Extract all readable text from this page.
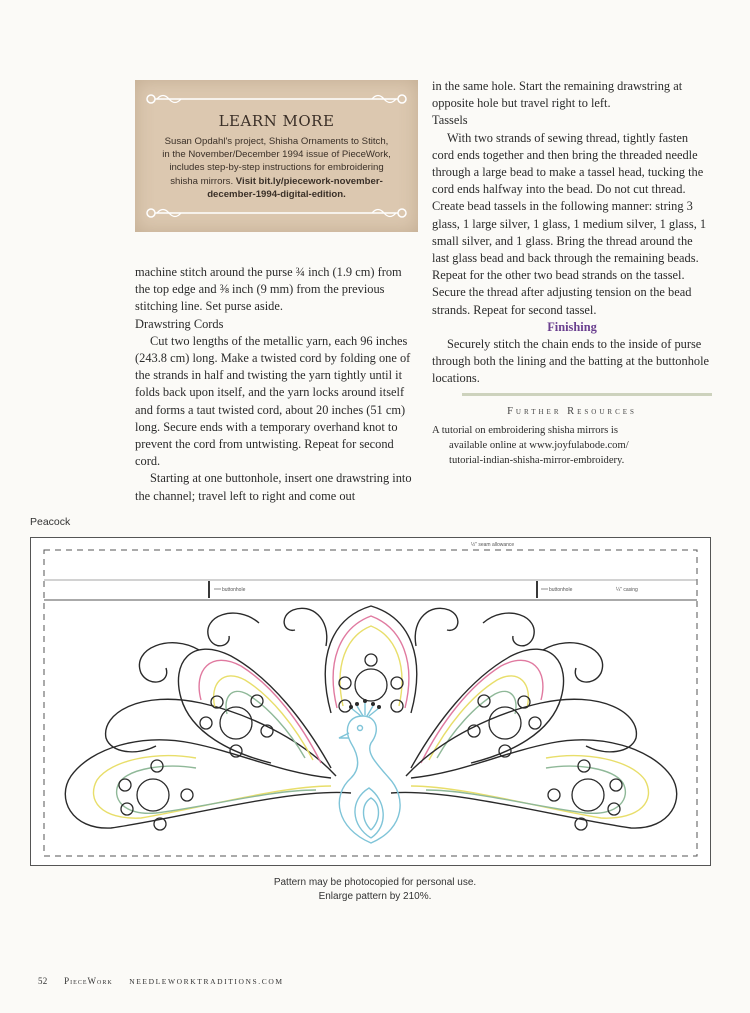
LEARN MORE

Susan Opdahl's project, Shisha Ornaments to Stitch,
in the November/December 1994 issue of PieceWork,
includes step-by-step instructions for embroidering
shisha mirrors. Visit bit.ly/piecework-november-
december-1994-digital-edition.

machine stitch around the purse ¾ inch (1.9 cm) from the top edge and ⅜ inch (9 mm) from the previous stitching line. Set purse aside.

Drawstring Cords

Cut two lengths of the metallic yarn, each 96 inches (243.8 cm) long. Make a twisted cord by folding one of the strands in half and twisting the yarn tightly until it folds back upon itself, and the yarn locks around itself and forms a taut twisted cord, about 20 inches (51 cm) long. Secure ends with a temporary overhand knot to prevent the cord from untwisting. Repeat for second cord.

Starting at one buttonhole, insert one drawstring into the channel; travel left to right and come out

in the same hole. Start the remaining drawstring at opposite hole but travel right to left.

Tassels

With two strands of sewing thread, tightly fasten cord ends together and then bring the threaded needle through a large bead to make a tassel head, tucking the cord ends halfway into the bead. Do not cut thread. Create bead tassels in the following manner: string 3 glass, 1 large silver, 1 glass, 1 medium silver, 1 glass, 1 small silver, and 1 glass. Bring the thread around the last glass bead and back through the remaining beads. Repeat for the other two bead strands on the tassel. Secure the thread after adjusting tension on the bead strands. Repeat for second tassel.

Finishing

Securely stitch the chain ends to the inside of purse through both the lining and the batting at the buttonhole locations.

Further Resources
A tutorial on embroidering shisha mirrors is

available online at www.joyfulabode.com/
tutorial-indian-shisha-mirror-embroidery.
Peacock
½" seam allowance
buttonhole	buttonhole	¼" casing
Pattern may be photocopied for personal use.
Enlarge pattern by 210%.
52 PieceWork NEEDLEWORKTRADITIONS.COM
